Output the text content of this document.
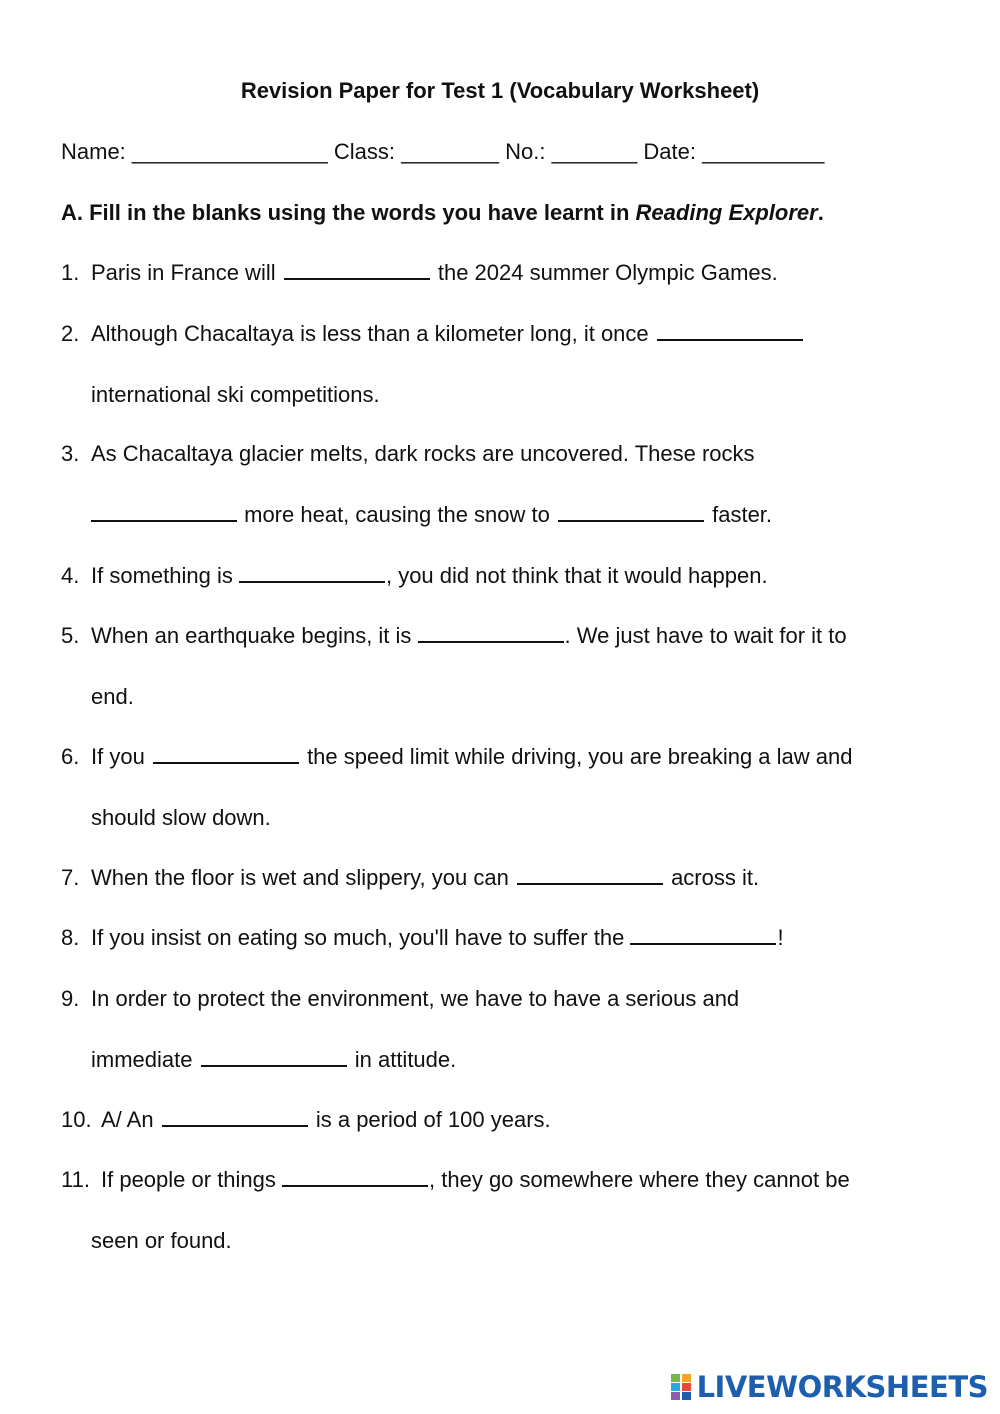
Revision Paper for Test 1 (Vocabulary Worksheet)
Name: ________________ Class: ________ No.: _______ Date: __________
A. Fill in the blanks using the words you have learnt in Reading Explorer.
1. Paris in France will	the 2024 summer Olympic Games.
2. Although Chacaltaya is less than a kilometer long, it once
international ski competitions.
3. As Chacaltaya glacier melts, dark rocks are uncovered. These rocks
more heat, causing the snow to	faster.
4. If something is	, you did not think that it would happen.
5. When an earthquake begins, it is	. We just have to wait for it to
end.
6. If you	the speed limit while driving, you are breaking a law and
should slow down.
7. When the floor is wet and slippery, you can	across it.
8. If you insist on eating so much, you'll have to suffer the	!
9. In order to protect the environment, we have to have a serious and
immediate	in attitude.
10. A/ An	is a period of 100 years.
11. If people or things	, they go somewhere where they cannot be
seen or found.
LIVEWORKSHEETS
